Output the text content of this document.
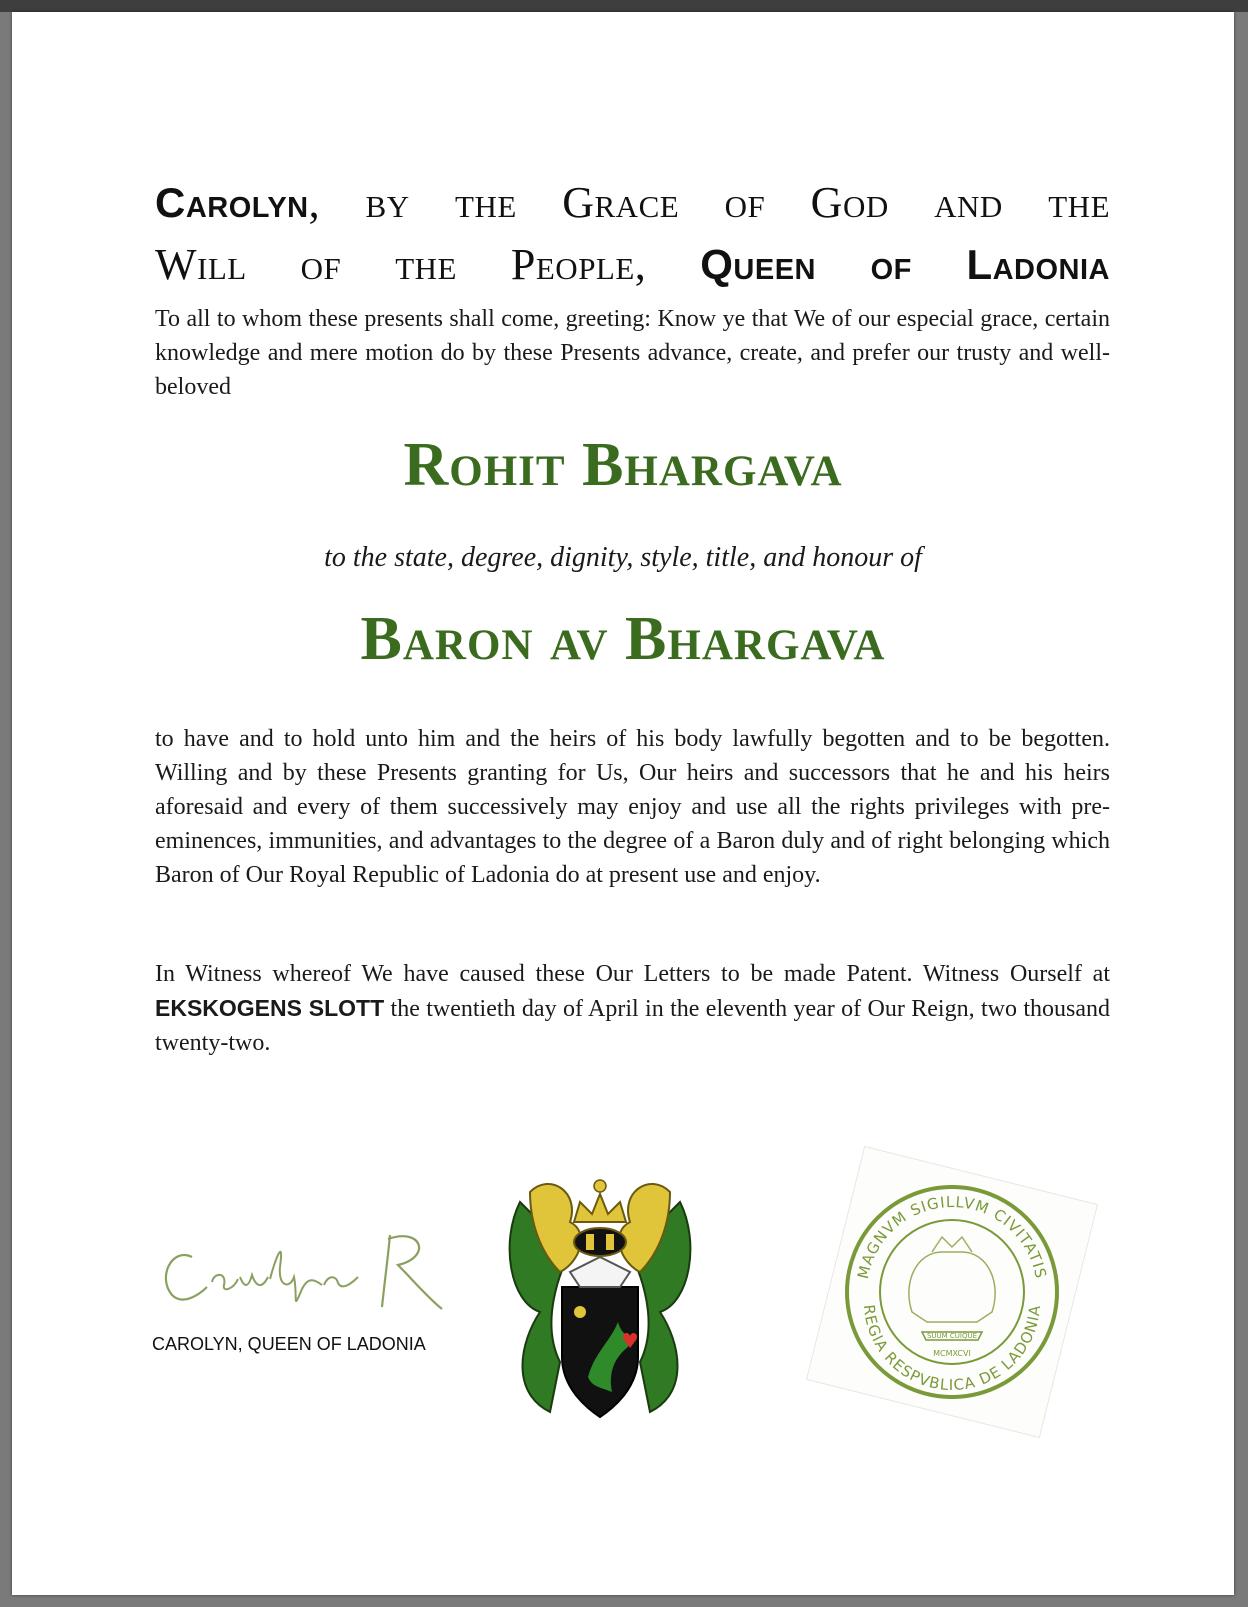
Carolyn, by the Grace of God and the
Will of the People, Queen of Ladonia
To all to whom these presents shall come, greeting: Know ye that We of our especial grace, certain knowledge and mere motion do by these Presents advance, create, and prefer our trusty and well-beloved
Rohit Bhargava
to the state, degree, dignity, style, title, and honour of
Baron av Bhargava
to have and to hold unto him and the heirs of his body lawfully begotten and to be begotten. Willing and by these Presents granting for Us, Our heirs and successors that he and his heirs aforesaid and every of them successively may enjoy and use all the rights privileges with pre-eminences, immunities, and advantages to the degree of a Baron duly and of right belonging which Baron of Our Royal Republic of Ladonia do at present use and enjoy.
In Witness whereof We have caused these Our Letters to be made Patent. Witness Ourself at EKSKOGENS SLOTT the twentieth day of April in the eleventh year of Our Reign, two thousand twenty-two.
CAROLYN, QUEEN OF LADONIA
MAGNVM SIGILLVM CIVITATIS
REGIA RESPVBLICA DE LADONIA
SUUM CUIQUE
MCMXCVI
